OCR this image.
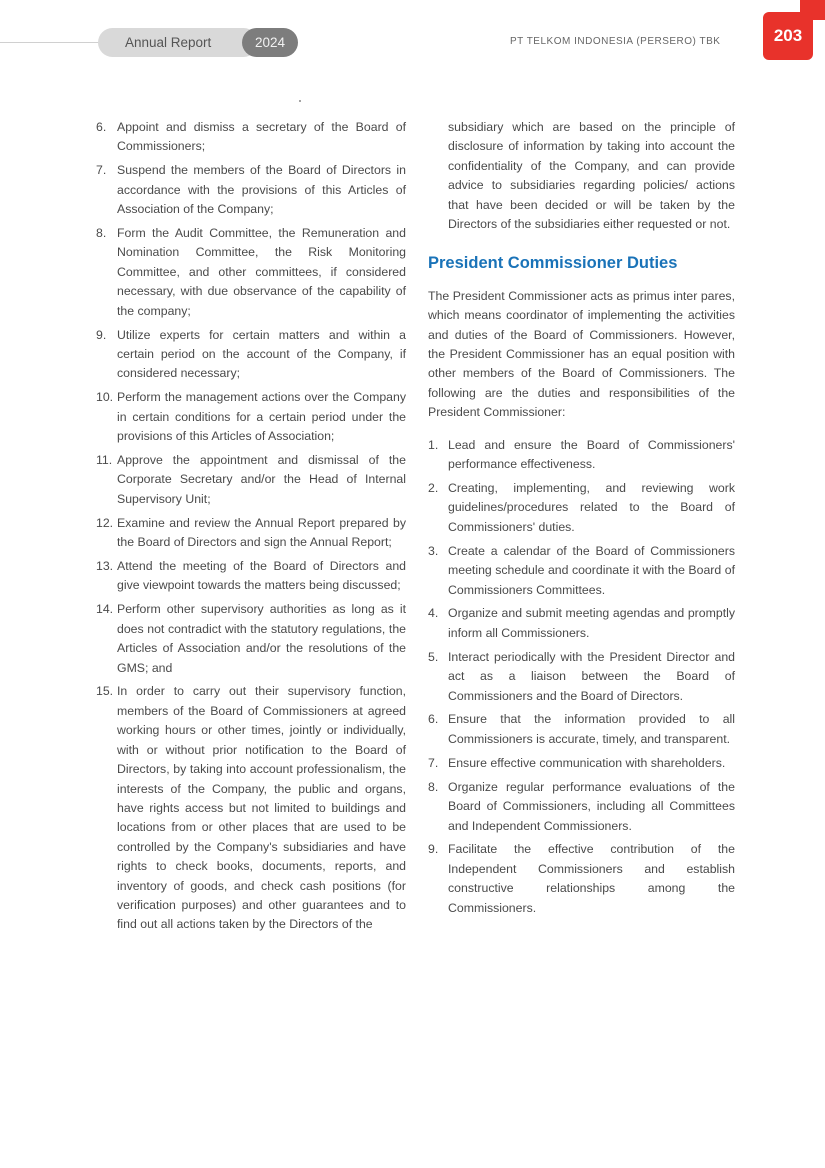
Annual Report	2024	PT TELKOM INDONESIA (PERSERO) TBK	203
6. Appoint and dismiss a secretary of the Board of Commissioners;
7. Suspend the members of the Board of Directors in accordance with the provisions of this Articles of Association of the Company;
8. Form the Audit Committee, the Remuneration and Nomination Committee, the Risk Monitoring Committee, and other committees, if considered necessary, with due observance of the capability of the company;
9. Utilize experts for certain matters and within a certain period on the account of the Company, if considered necessary;
10. Perform the management actions over the Company in certain conditions for a certain period under the provisions of this Articles of Association;
11. Approve the appointment and dismissal of the Corporate Secretary and/or the Head of Internal Supervisory Unit;
12. Examine and review the Annual Report prepared by the Board of Directors and sign the Annual Report;
13. Attend the meeting of the Board of Directors and give viewpoint towards the matters being discussed;
14. Perform other supervisory authorities as long as it does not contradict with the statutory regulations, the Articles of Association and/or the resolutions of the GMS; and
15. In order to carry out their supervisory function, members of the Board of Commissioners at agreed working hours or other times, jointly or individually, with or without prior notification to the Board of Directors, by taking into account professionalism, the interests of the Company, the public and organs, have rights access but not limited to buildings and locations from or other places that are used to be controlled by the Company's subsidiaries and have rights to check books, documents, reports, and inventory of goods, and check cash positions (for verification purposes) and other guarantees and to find out all actions taken by the Directors of the

subsidiary which are based on the principle of disclosure of information by taking into account the confidentiality of the Company, and can provide advice to subsidiaries regarding policies/ actions that have been decided or will be taken by the Directors of the subsidiaries either requested or not.

President Commissioner Duties

The President Commissioner acts as primus inter pares, which means coordinator of implementing the activities and duties of the Board of Commissioners. However, the President Commissioner has an equal position with other members of the Board of Commissioners. The following are the duties and responsibilities of the President Commissioner:

1. Lead and ensure the Board of Commissioners' performance effectiveness.
2. Creating, implementing, and reviewing work guidelines/procedures related to the Board of Commissioners' duties.
3. Create a calendar of the Board of Commissioners meeting schedule and coordinate it with the Board of Commissioners Committees.
4. Organize and submit meeting agendas and promptly inform all Commissioners.
5. Interact periodically with the President Director and act as a liaison between the Board of Commissioners and the Board of Directors.
6. Ensure that the information provided to all Commissioners is accurate, timely, and transparent.
7. Ensure effective communication with shareholders.
8. Organize regular performance evaluations of the Board of Commissioners, including all Committees and Independent Commissioners.
9. Facilitate the effective contribution of the Independent Commissioners and establish constructive relationships among the Commissioners.
